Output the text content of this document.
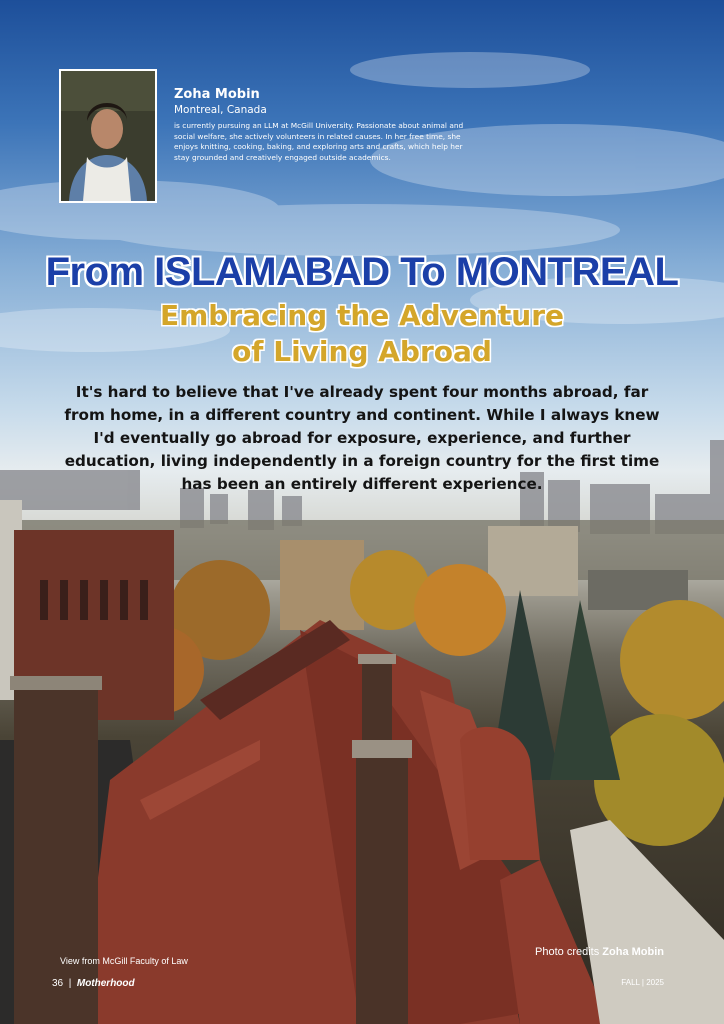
Zoha Mobin
Montreal, Canada
is currently pursuing an LLM at McGill University. Passionate about animal and social welfare, she actively volunteers in related causes. In her free time, she enjoys knitting, cooking, baking, and exploring arts and crafts, which help her stay grounded and creatively engaged outside academics.
From ISLAMABAD To MONTREAL
Embracing the Adventure
of Living Abroad
It's hard to believe that I've already spent four months abroad, far from home, in a different country and continent. While I always knew I'd eventually go abroad for exposure, experience, and further education, living independently in a foreign country for the first time has been an entirely different experience.
View from McGill Faculty of Law
Photo credits Zoha Mobin
36 | Motherhood	FALL | 2025
